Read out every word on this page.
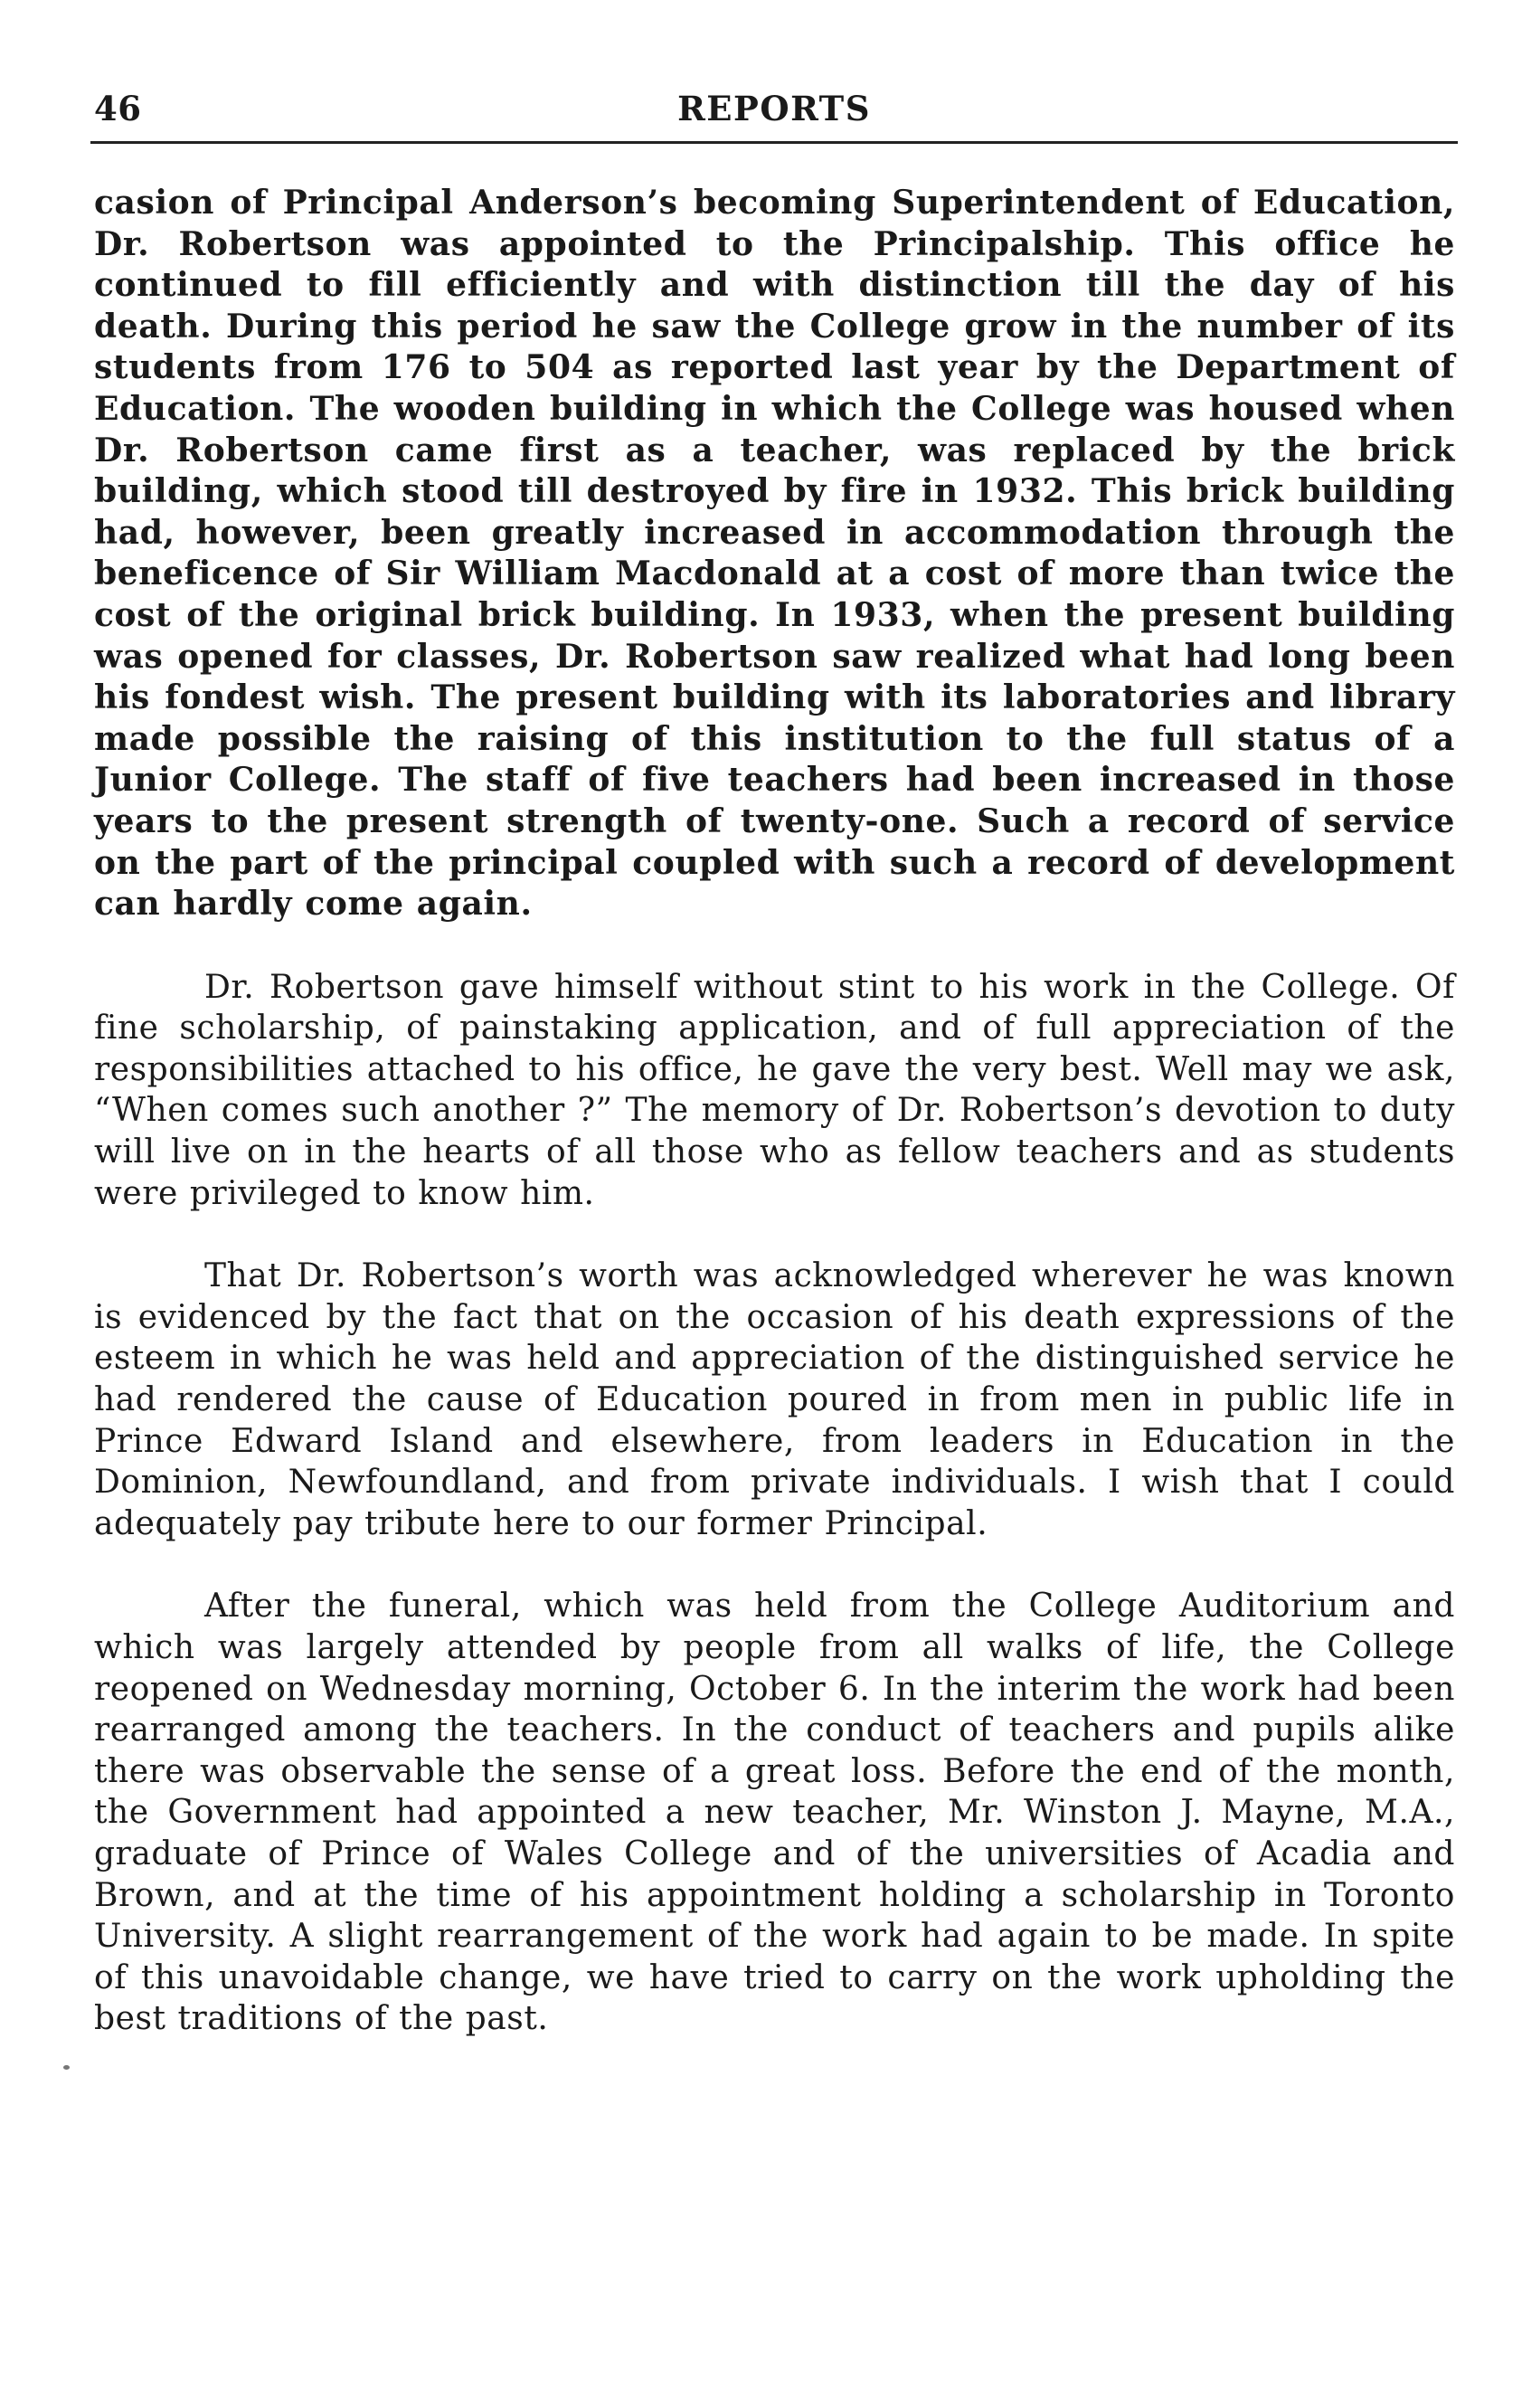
46	REPORTS

casion of Principal Anderson’s becoming Superintendent of Education, Dr. Robertson was appointed to the Principalship. This office he continued to fill efficiently and with distinction till the day of his death. During this period he saw the College grow in the number of its students from 176 to 504 as reported last year by the Department of Education. The wooden building in which the College was housed when Dr. Robertson came first as a teacher, was replaced by the brick building, which stood till destroyed by fire in 1932. This brick building had, however, been greatly increased in accommodation through the beneficence of Sir William Macdonald at a cost of more than twice the cost of the original brick building. In 1933, when the present building was opened for classes, Dr. Robertson saw realized what had long been his fondest wish. The present building with its laboratories and library made possible the raising of this institution to the full status of a Junior College. The staff of five teachers had been increased in those years to the present strength of twenty-one. Such a record of service on the part of the principal coupled with such a record of development can hardly come again.

Dr. Robertson gave himself without stint to his work in the College. Of fine scholarship, of painstaking application, and of full appreciation of the responsibilities attached to his office, he gave the very best. Well may we ask, “When comes such another ?” The memory of Dr. Robertson’s devotion to duty will live on in the hearts of all those who as fellow teachers and as students were privileged to know him.

That Dr. Robertson’s worth was acknowledged wherever he was known is evidenced by the fact that on the occasion of his death expressions of the esteem in which he was held and appreciation of the distinguished service he had rendered the cause of Education poured in from men in public life in Prince Edward Island and elsewhere, from leaders in Education in the Dominion, Newfoundland, and from private individuals. I wish that I could adequately pay tribute here to our former Principal.

After the funeral, which was held from the College Auditorium and which was largely attended by people from all walks of life, the College reopened on Wednesday morning, October 6. In the interim the work had been rearranged among the teachers. In the conduct of teachers and pupils alike there was observable the sense of a great loss. Before the end of the month, the Government had appointed a new teacher, Mr. Winston J. Mayne, M.A., graduate of Prince of Wales College and of the universities of Acadia and Brown, and at the time of his appointment holding a scholarship in Toronto University. A slight rearrangement of the work had again to be made. In spite of this unavoidable change, we have tried to carry on the work upholding the best traditions of the past.
